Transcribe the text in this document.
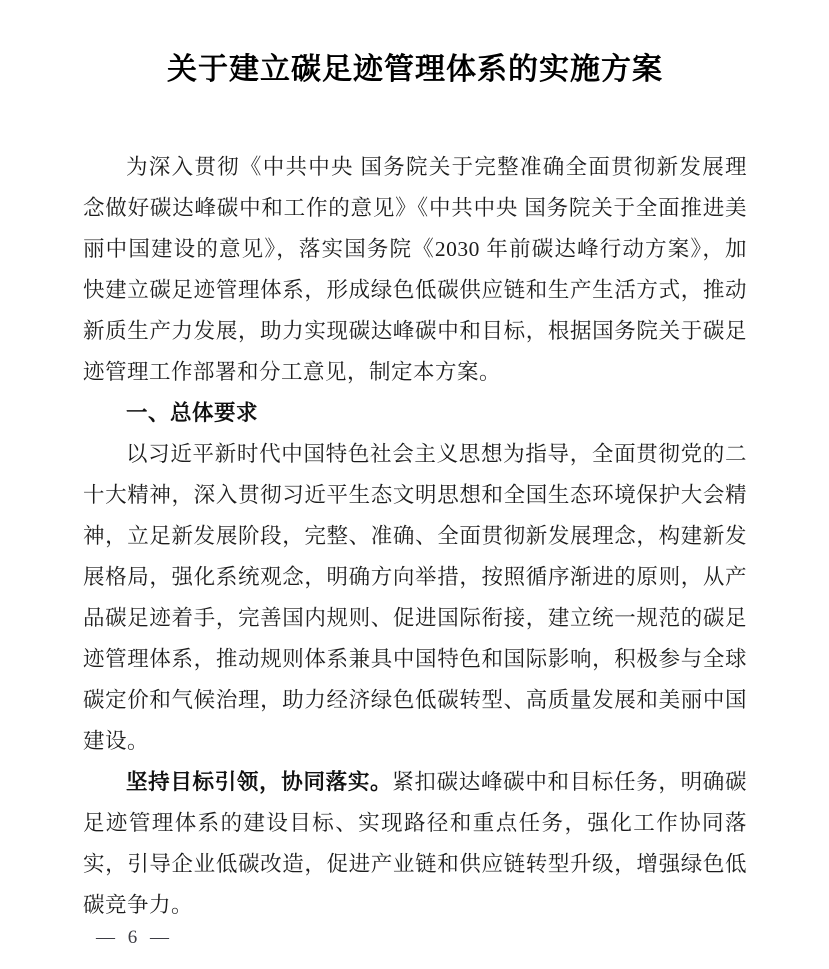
关于建立碳足迹管理体系的实施方案

为深入贯彻《中共中央 国务院关于完整准确全面贯彻新发展理念做好碳达峰碳中和工作的意见》《中共中央 国务院关于全面推进美丽中国建设的意见》，落实国务院《2030 年前碳达峰行动方案》，加快建立碳足迹管理体系，形成绿色低碳供应链和生产生活方式，推动新质生产力发展，助力实现碳达峰碳中和目标，根据国务院关于碳足迹管理工作部署和分工意见，制定本方案。

一、总体要求

以习近平新时代中国特色社会主义思想为指导，全面贯彻党的二十大精神，深入贯彻习近平生态文明思想和全国生态环境保护大会精神，立足新发展阶段，完整、准确、全面贯彻新发展理念，构建新发展格局，强化系统观念，明确方向举措，按照循序渐进的原则，从产品碳足迹着手，完善国内规则、促进国际衔接，建立统一规范的碳足迹管理体系，推动规则体系兼具中国特色和国际影响，积极参与全球碳定价和气候治理，助力经济绿色低碳转型、高质量发展和美丽中国建设。

坚持目标引领，协同落实。紧扣碳达峰碳中和目标任务，明确碳足迹管理体系的建设目标、实现路径和重点任务，强化工作协同落实，引导企业低碳改造，促进产业链和供应链转型升级，增强绿色低碳竞争力。

— 6 —
